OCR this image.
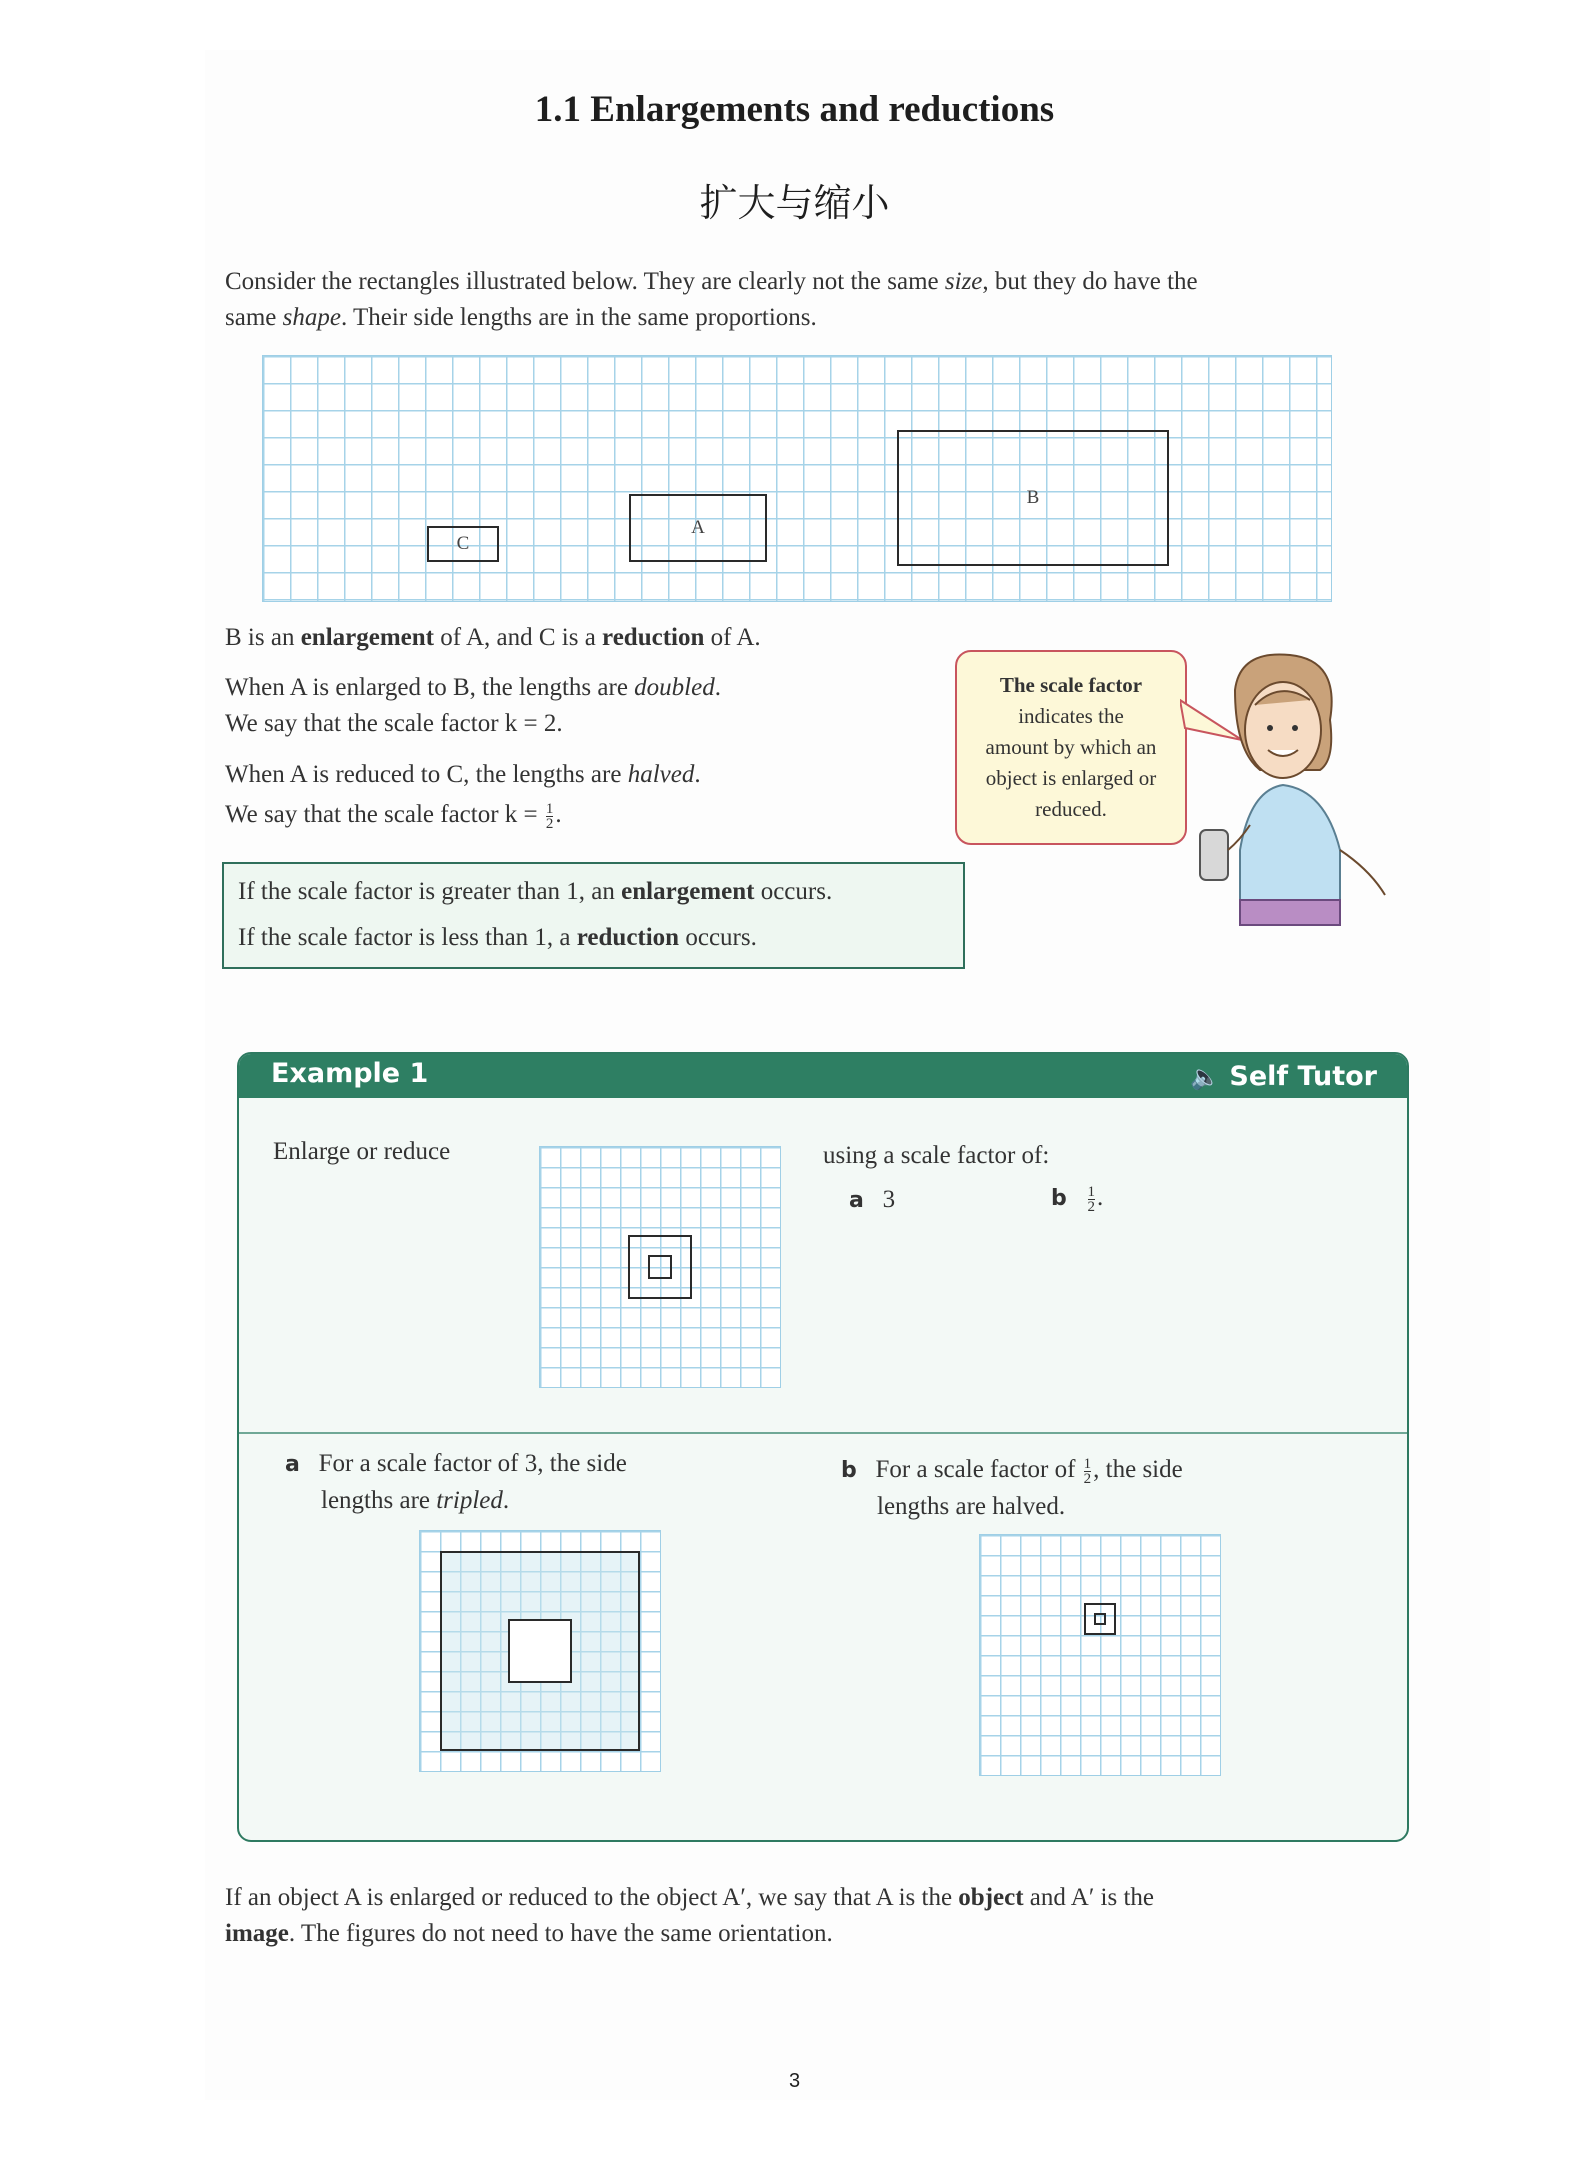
1.1 Enlargements and reductions
扩大与缩小
Consider the rectangles illustrated below. They are clearly not the same size, but they do have the
same shape. Their side lengths are in the same proportions.
C
A
B
B is an enlargement of A, and C is a reduction of A.
When A is enlarged to B, the lengths are doubled.
We say that the scale factor k = 2.
When A is reduced to C, the lengths are halved.
We say that the scale factor $k = \frac{1}{2}$ .
The scale factor
indicates the
amount by which an
object is enlarged or
reduced.
If the scale factor is greater than 1, an enlargement occurs.
If the scale factor is less than 1, a reduction occurs.
Example 1	🔈 Self Tutor
Enlarge or reduce	using a scale factor of:
a 3	b $\frac{1}{2}$ .
a For a scale factor of 3, the side
lengths are tripled.
b For a scale factor of $\frac{1}{2}$ , the side
lengths are halved.
If an object A is enlarged or reduced to the object A′, we say that A is the object and A′ is the
image. The figures do not need to have the same orientation.
3
